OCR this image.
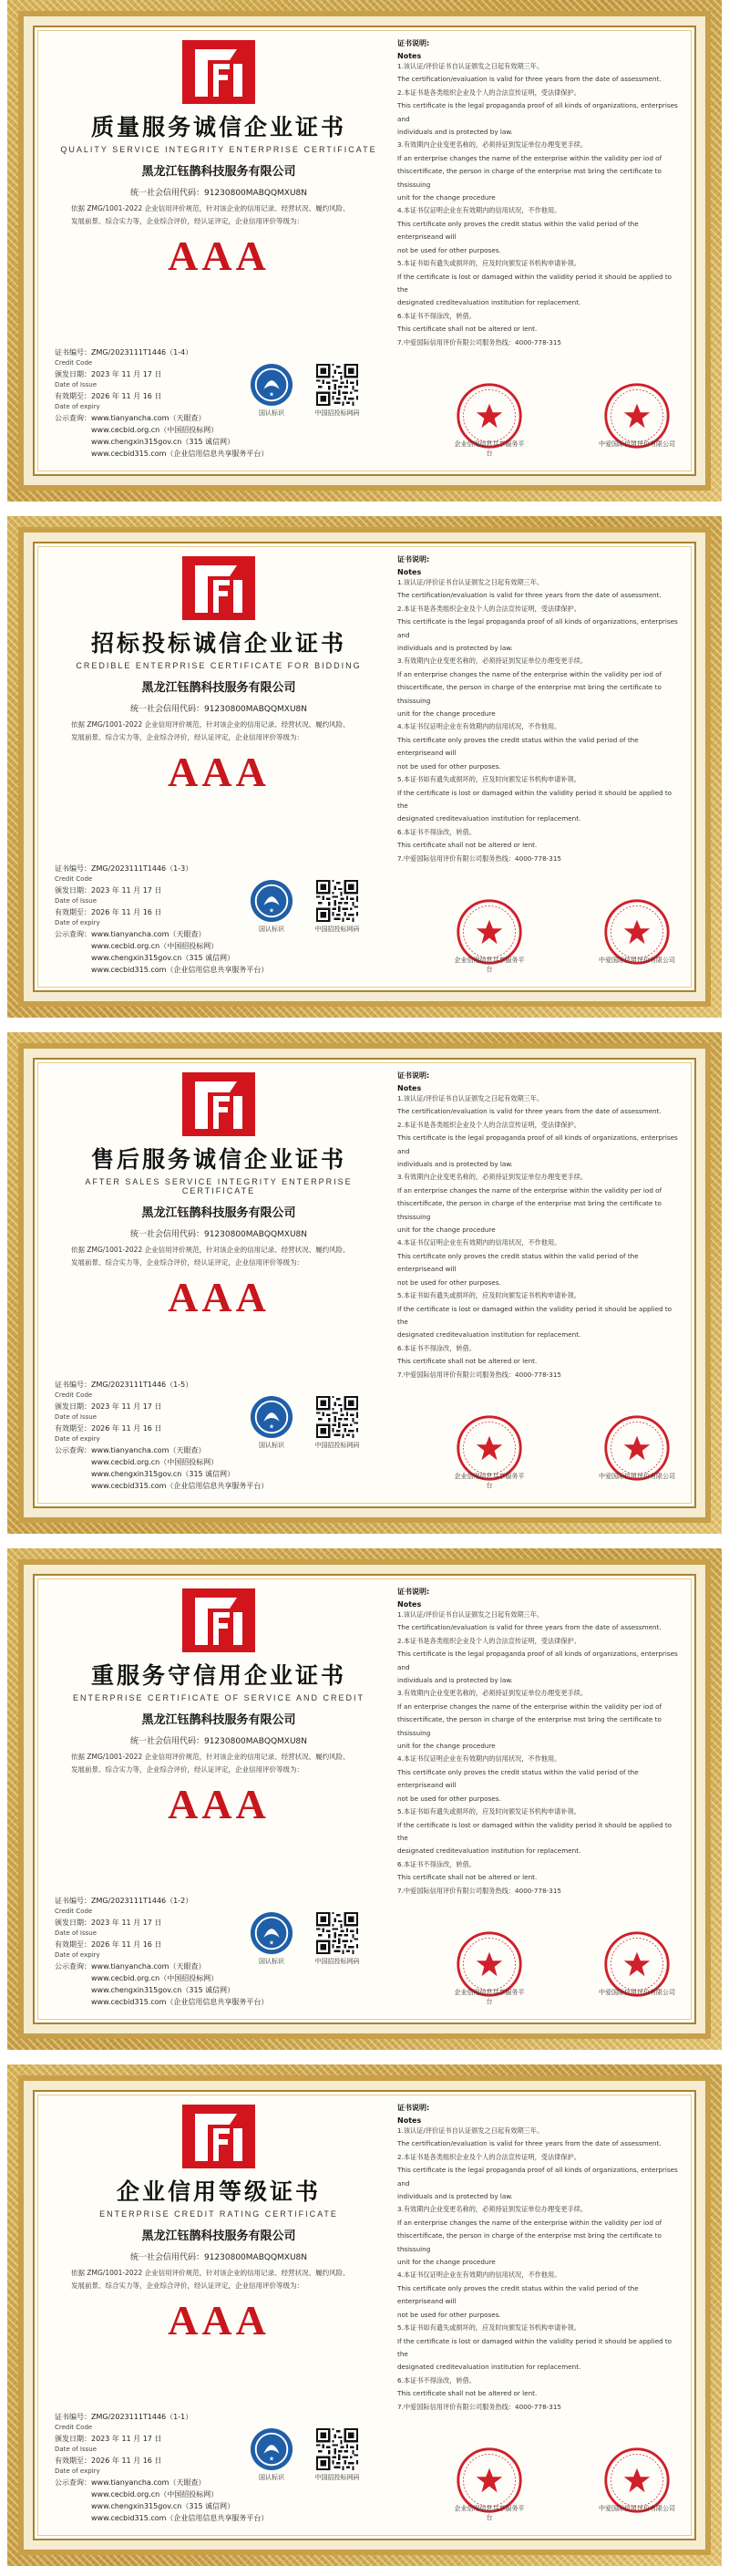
质量服务诚信企业证书
QUALITY SERVICE INTEGRITY ENTERPRISE CERTIFICATE
黑龙江钰鹊科技服务有限公司
统一社会信用代码：91230800MABQQMXU8N
依据 ZMG/1001-2022 企业信用评价规范，针对该企业的信用记录、经营状况、履约风险、
发展前景、综合实力等，企业综合评价，经认证评定，企业信用评价等级为：
AAA
证书编号：ZMG/2023111T1446（1-4）
Credit Code
颁发日期：2023 年 11 月 17 日
Date of Issue
有效期至：2026 年 11 月 16 日
Date of expiry
公示查询：www.tianyancha.com（天眼查）
www.cecbid.org.cn（中国招投标网）
www.chengxin315gov.cn（315 诚信网）
www.cecbid315.com（企业信用信息共享服务平台）
★
国认标识	中国招投标网码
证书说明:
Notes

1.该认证/评价证书自认证颁发之日起有效期三年。

The certification/evaluation is valid for three years from the date of assessment.

2.本证书是各类组织企业及个人的合法宣传证明，受法律保护。

This certificate is the legal propaganda proof of all kinds of organizations, enterprises and

individuals and is protected by law.

3.有效期内企业变更名称的，必须持证到发证单位办理变更手续。

If an enterprise changes the name of the enterprise within the validity per iod of

thiscertificate, the person in charge of the enterprise mst bring the certificate to thsissuing

unit for the change procedure

4.本证书仅证明企业在有效期内的信用状况，不作他用。

This certificate only proves the credit status within the valid period of the enterpriseand will

not be used for other purposes.

5.本证书如有遗失或损坏的，应及时向颁发证书机构申请补领。

If the certificate is lost or damaged within the validity period it should be applied to the

designated creditevaluation institution for replacement.

6.本证书不得涂改，转借。

This certificate shall not be altered or lent.

7.中爱国际信用评价有限公司服务热线：4000-778-315

企业信用信息共享服务平台
中爱国际信用评价有限公司
招标投标诚信企业证书
CREDIBLE ENTERPRISE CERTIFICATE FOR BIDDING
黑龙江钰鹊科技服务有限公司
统一社会信用代码：91230800MABQQMXU8N
依据 ZMG/1001-2022 企业信用评价规范，针对该企业的信用记录、经营状况、履约风险、
发展前景、综合实力等，企业综合评价，经认证评定，企业信用评价等级为：
AAA
证书编号：ZMG/2023111T1446（1-3）
Credit Code
颁发日期：2023 年 11 月 17 日
Date of Issue
有效期至：2026 年 11 月 16 日
Date of expiry
公示查询：www.tianyancha.com（天眼查）
www.cecbid.org.cn（中国招投标网）
www.chengxin315gov.cn（315 诚信网）
www.cecbid315.com（企业信用信息共享服务平台）
★
国认标识	中国招投标网码
证书说明:
Notes

1.该认证/评价证书自认证颁发之日起有效期三年。

The certification/evaluation is valid for three years from the date of assessment.

2.本证书是各类组织企业及个人的合法宣传证明，受法律保护。

This certificate is the legal propaganda proof of all kinds of organizations, enterprises and

individuals and is protected by law.

3.有效期内企业变更名称的，必须持证到发证单位办理变更手续。

If an enterprise changes the name of the enterprise within the validity per iod of

thiscertificate, the person in charge of the enterprise mst bring the certificate to thsissuing

unit for the change procedure

4.本证书仅证明企业在有效期内的信用状况，不作他用。

This certificate only proves the credit status within the valid period of the enterpriseand will

not be used for other purposes.

5.本证书如有遗失或损坏的，应及时向颁发证书机构申请补领。

If the certificate is lost or damaged within the validity period it should be applied to the

designated creditevaluation institution for replacement.

6.本证书不得涂改，转借。

This certificate shall not be altered or lent.

7.中爱国际信用评价有限公司服务热线：4000-778-315

企业信用信息共享服务平台
中爱国际信用评价有限公司
售后服务诚信企业证书
AFTER SALES SERVICE INTEGRITY ENTERPRISE CERTIFICATE
黑龙江钰鹊科技服务有限公司
统一社会信用代码：91230800MABQQMXU8N
依据 ZMG/1001-2022 企业信用评价规范，针对该企业的信用记录、经营状况、履约风险、
发展前景、综合实力等，企业综合评价，经认证评定，企业信用评价等级为：
AAA
证书编号：ZMG/2023111T1446（1-5）
Credit Code
颁发日期：2023 年 11 月 17 日
Date of Issue
有效期至：2026 年 11 月 16 日
Date of expiry
公示查询：www.tianyancha.com（天眼查）
www.cecbid.org.cn（中国招投标网）
www.chengxin315gov.cn（315 诚信网）
www.cecbid315.com（企业信用信息共享服务平台）
★
国认标识	中国招投标网码
证书说明:
Notes

1.该认证/评价证书自认证颁发之日起有效期三年。

The certification/evaluation is valid for three years from the date of assessment.

2.本证书是各类组织企业及个人的合法宣传证明，受法律保护。

This certificate is the legal propaganda proof of all kinds of organizations, enterprises and

individuals and is protected by law.

3.有效期内企业变更名称的，必须持证到发证单位办理变更手续。

If an enterprise changes the name of the enterprise within the validity per iod of

thiscertificate, the person in charge of the enterprise mst bring the certificate to thsissuing

unit for the change procedure

4.本证书仅证明企业在有效期内的信用状况，不作他用。

This certificate only proves the credit status within the valid period of the enterpriseand will

not be used for other purposes.

5.本证书如有遗失或损坏的，应及时向颁发证书机构申请补领。

If the certificate is lost or damaged within the validity period it should be applied to the

designated creditevaluation institution for replacement.

6.本证书不得涂改，转借。

This certificate shall not be altered or lent.

7.中爱国际信用评价有限公司服务热线：4000-778-315

企业信用信息共享服务平台
中爱国际信用评价有限公司
重服务守信用企业证书
ENTERPRISE CERTIFICATE OF SERVICE AND CREDIT
黑龙江钰鹊科技服务有限公司
统一社会信用代码：91230800MABQQMXU8N
依据 ZMG/1001-2022 企业信用评价规范，针对该企业的信用记录、经营状况、履约风险、
发展前景、综合实力等，企业综合评价，经认证评定，企业信用评价等级为：
AAA
证书编号：ZMG/2023111T1446（1-2）
Credit Code
颁发日期：2023 年 11 月 17 日
Date of Issue
有效期至：2026 年 11 月 16 日
Date of expiry
公示查询：www.tianyancha.com（天眼查）
www.cecbid.org.cn（中国招投标网）
www.chengxin315gov.cn（315 诚信网）
www.cecbid315.com（企业信用信息共享服务平台）
★
国认标识	中国招投标网码
证书说明:
Notes

1.该认证/评价证书自认证颁发之日起有效期三年。

The certification/evaluation is valid for three years from the date of assessment.

2.本证书是各类组织企业及个人的合法宣传证明，受法律保护。

This certificate is the legal propaganda proof of all kinds of organizations, enterprises and

individuals and is protected by law.

3.有效期内企业变更名称的，必须持证到发证单位办理变更手续。

If an enterprise changes the name of the enterprise within the validity per iod of

thiscertificate, the person in charge of the enterprise mst bring the certificate to thsissuing

unit for the change procedure

4.本证书仅证明企业在有效期内的信用状况，不作他用。

This certificate only proves the credit status within the valid period of the enterpriseand will

not be used for other purposes.

5.本证书如有遗失或损坏的，应及时向颁发证书机构申请补领。

If the certificate is lost or damaged within the validity period it should be applied to the

designated creditevaluation institution for replacement.

6.本证书不得涂改，转借。

This certificate shall not be altered or lent.

7.中爱国际信用评价有限公司服务热线：4000-778-315

企业信用信息共享服务平台
中爱国际信用评价有限公司
企业信用等级证书
ENTERPRISE CREDIT RATING CERTIFICATE
黑龙江钰鹊科技服务有限公司
统一社会信用代码：91230800MABQQMXU8N
依据 ZMG/1001-2022 企业信用评价规范，针对该企业的信用记录、经营状况、履约风险、
发展前景、综合实力等，企业综合评价，经认证评定，企业信用评价等级为：
AAA
证书编号：ZMG/2023111T1446（1-1）
Credit Code
颁发日期：2023 年 11 月 17 日
Date of Issue
有效期至：2026 年 11 月 16 日
Date of expiry
公示查询：www.tianyancha.com（天眼查）
www.cecbid.org.cn（中国招投标网）
www.chengxin315gov.cn（315 诚信网）
www.cecbid315.com（企业信用信息共享服务平台）
★
国认标识	中国招投标网码
证书说明:
Notes

1.该认证/评价证书自认证颁发之日起有效期三年。

The certification/evaluation is valid for three years from the date of assessment.

2.本证书是各类组织企业及个人的合法宣传证明，受法律保护。

This certificate is the legal propaganda proof of all kinds of organizations, enterprises and

individuals and is protected by law.

3.有效期内企业变更名称的，必须持证到发证单位办理变更手续。

If an enterprise changes the name of the enterprise within the validity per iod of

thiscertificate, the person in charge of the enterprise mst bring the certificate to thsissuing

unit for the change procedure

4.本证书仅证明企业在有效期内的信用状况，不作他用。

This certificate only proves the credit status within the valid period of the enterpriseand will

not be used for other purposes.

5.本证书如有遗失或损坏的，应及时向颁发证书机构申请补领。

If the certificate is lost or damaged within the validity period it should be applied to the

designated creditevaluation institution for replacement.

6.本证书不得涂改，转借。

This certificate shall not be altered or lent.

7.中爱国际信用评价有限公司服务热线：4000-778-315

企业信用信息共享服务平台
中爱国际信用评价有限公司
